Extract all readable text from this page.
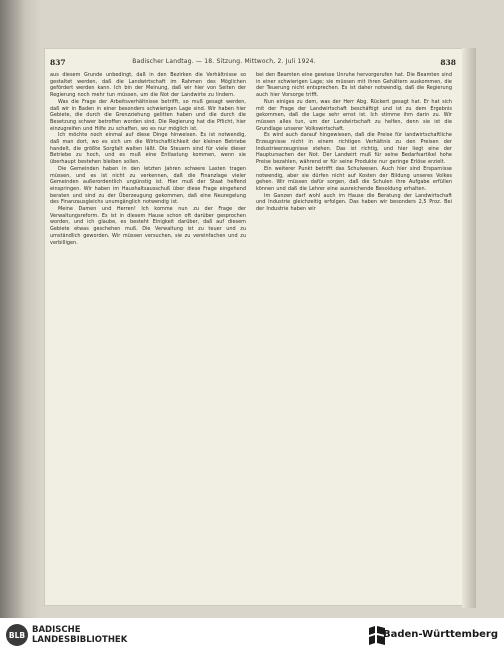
837	Badischer Landtag. — 18. Sitzung. Mittwoch, 2. Juli 1924.	838

aus diesem Grunde unbedingt, daß in den Bezirken die Verhältnisse so gestaltet werden, daß die Landwirtschaft im Rahmen des Möglichen gefördert werden kann. Ich bin der Meinung, daß wir hier von Seiten der Regierung noch mehr tun müssen, um die Not der Landwirte zu lindern.

Was die Frage der Arbeitsverhältnisse betrifft, so muß gesagt werden, daß wir in Baden in einer besonders schwierigen Lage sind. Wir haben hier Gebiete, die durch die Grenzziehung gelitten haben und die durch die Besetzung schwer betroffen worden sind. Die Regierung hat die Pflicht, hier einzugreifen und Hilfe zu schaffen, wo es nur möglich ist.

Ich möchte noch einmal auf diese Dinge hinweisen. Es ist notwendig, daß man dort, wo es sich um die Wirtschaftlichkeit der kleinen Betriebe handelt, die größte Sorgfalt walten läßt. Die Steuern sind für viele dieser Betriebe zu hoch, und es muß eine Entlastung kommen, wenn sie überhaupt bestehen bleiben sollen.

Die Gemeinden haben in den letzten Jahren schwere Lasten tragen müssen, und es ist nicht zu verkennen, daß die Finanzlage vieler Gemeinden außerordentlich ungünstig ist. Hier muß der Staat helfend einspringen. Wir haben im Haushaltsausschuß über diese Frage eingehend beraten und sind zu der Überzeugung gekommen, daß eine Neuregelung des Finanzausgleichs unumgänglich notwendig ist.

Meine Damen und Herren! Ich komme nun zu der Frage der Verwaltungsreform. Es ist in diesem Hause schon oft darüber gesprochen worden, und ich glaube, es besteht Einigkeit darüber, daß auf diesem Gebiete etwas geschehen muß. Die Verwaltung ist zu teuer und zu umständlich geworden. Wir müssen versuchen, sie zu vereinfachen und zu verbilligen.

bei den Beamten eine gewisse Unruhe hervorgerufen hat. Die Beamten sind in einer schwierigen Lage; sie müssen mit ihren Gehältern auskommen, die der Teuerung nicht entsprechen. Es ist daher notwendig, daß die Regierung auch hier Vorsorge trifft.

Nun einiges zu dem, was der Herr Abg. Rückert gesagt hat. Er hat sich mit der Frage der Landwirtschaft beschäftigt und ist zu dem Ergebnis gekommen, daß die Lage sehr ernst ist. Ich stimme ihm darin zu. Wir müssen alles tun, um der Landwirtschaft zu helfen, denn sie ist die Grundlage unserer Volkswirtschaft.

Es wird auch darauf hingewiesen, daß die Preise für landwirtschaftliche Erzeugnisse nicht in einem richtigen Verhältnis zu den Preisen der Industrieerzeugnisse stehen. Das ist richtig, und hier liegt eine der Hauptursachen der Not. Der Landwirt muß für seine Bedarfsartikel hohe Preise bezahlen, während er für seine Produkte nur geringe Erlöse erzielt.

Ein weiterer Punkt betrifft das Schulwesen. Auch hier sind Ersparnisse notwendig, aber sie dürfen nicht auf Kosten der Bildung unseres Volkes gehen. Wir müssen dafür sorgen, daß die Schulen ihre Aufgabe erfüllen können und daß die Lehrer eine ausreichende Besoldung erhalten.

Im Ganzen darf wohl auch im Hause die Beratung der Landwirtschaft und Industrie gleichzeitig erfolgen. Das haben wir besonders 2,5 Proz. Bei der Industrie haben wir

BLB BADISCHE
LANDESBIBLIOTHEK	Baden-Württemberg
